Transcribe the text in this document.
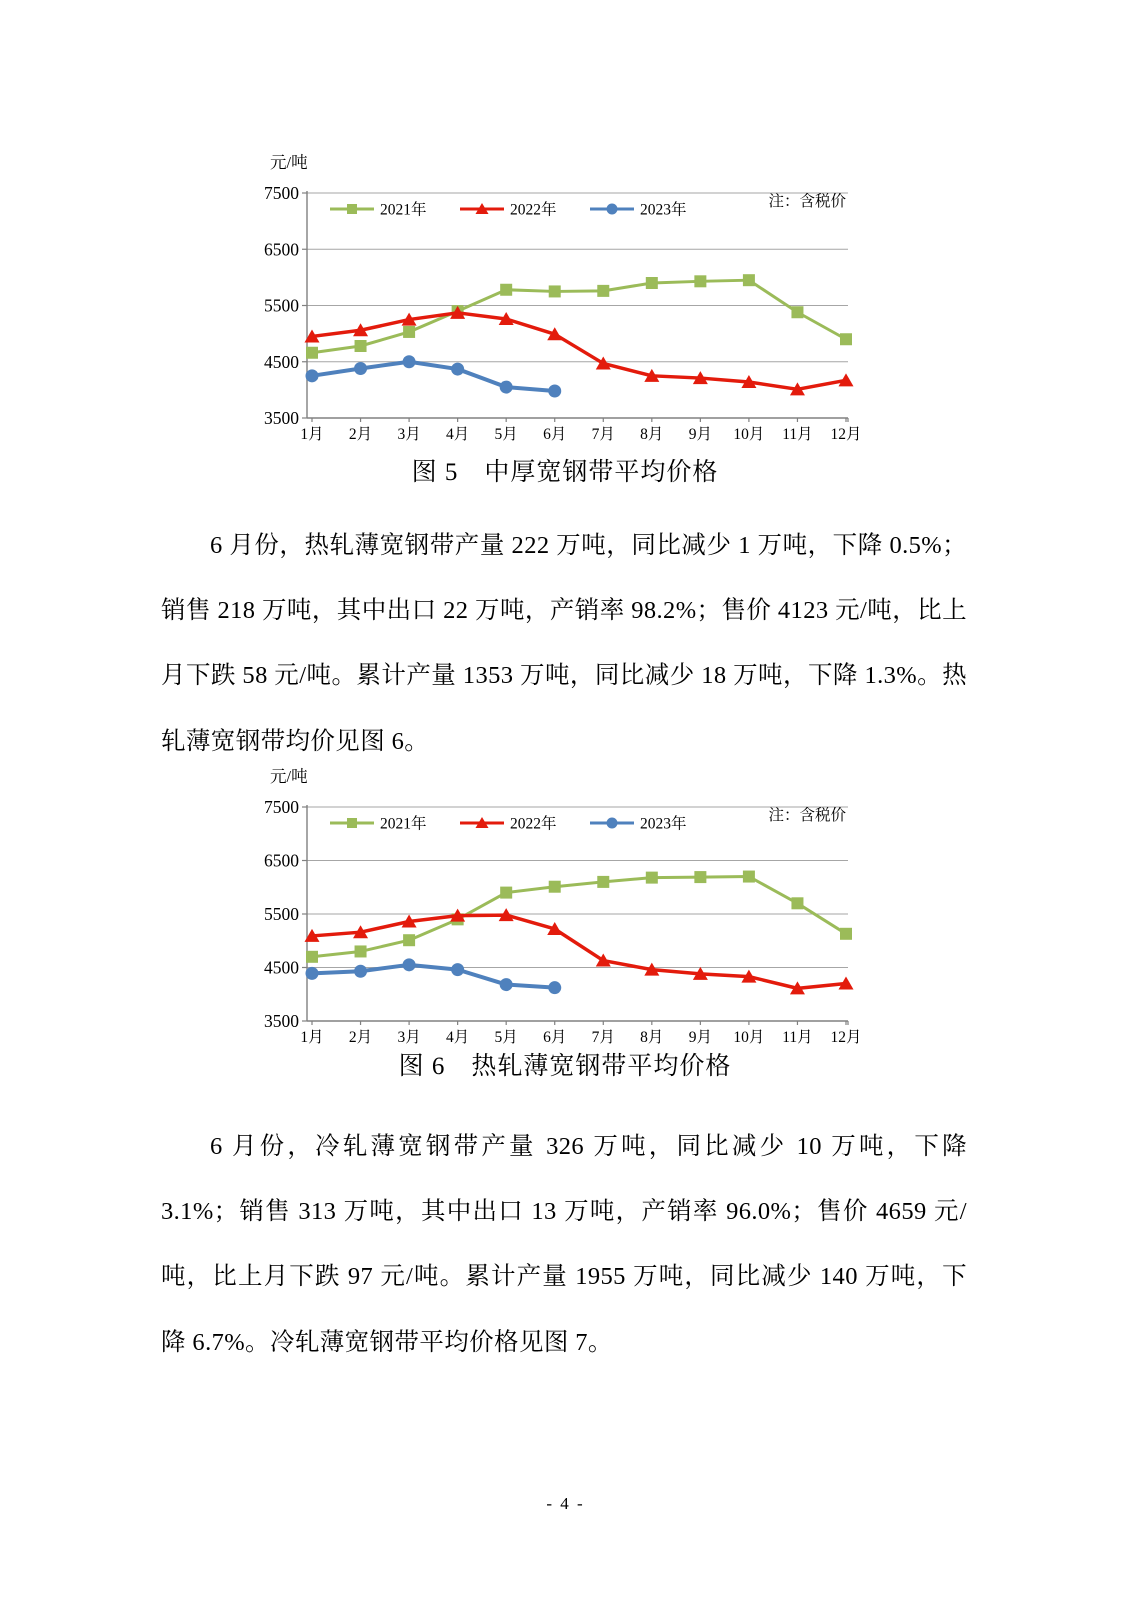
元/吨
3500
4500
5500
6500
7500
1月 2月 3月 4月 5月 6月 7月 8月 9月 10月 11月 12月
2021年	2022年	2023年	注：含税价
图 5　中厚宽钢带平均价格
6 月份，热轧薄宽钢带产量 222 万吨，同比减少 1 万吨，下降 0.5%；销售 218 万吨，其中出口 22 万吨，产销率 98.2%；售价 4123 元/吨，比上月下跌 58 元/吨。累计产量 1353 万吨，同比减少 18 万吨，下降 1.3%。热轧薄宽钢带均价见图 6。
元/吨
3500
4500
5500
6500
7500
1月 2月 3月 4月 5月 6月 7月 8月 9月 10月 11月 12月
2021年	2022年	2023年	注：含税价
图 6　热轧薄宽钢带平均价格
6 月份，冷轧薄宽钢带产量 326 万吨，同比减少 10 万吨，下降 3.1%；销售 313 万吨，其中出口 13 万吨，产销率 96.0%；售价 4659 元/吨，比上月下跌 97 元/吨。累计产量 1955 万吨，同比减少 140 万吨，下降 6.7%。冷轧薄宽钢带平均价格见图 7。
- 4 -
